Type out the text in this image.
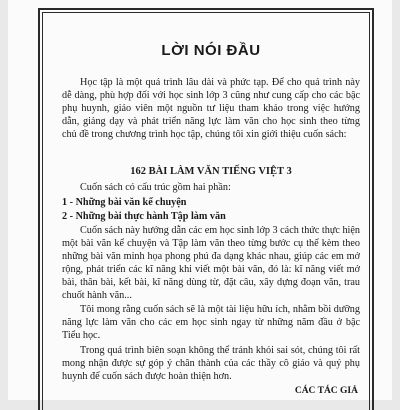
LỜI NÓI ĐẦU

Học tập là một quá trình lâu dài và phức tạp. Để cho quá trình này dễ dàng, phù hợp đối với học sinh lớp 3 cũng như cung cấp cho các bậc phụ huynh, giáo viên một nguồn tư liệu tham khảo trong việc hướng dẫn, giảng dạy và phát triển năng lực làm văn cho học sinh theo từng chủ đề trong chương trình học tập, chúng tôi xin giới thiệu cuốn sách:

162 BÀI LÀM VĂN TIẾNG VIỆT 3

Cuốn sách có cấu trúc gồm hai phần:

1 - Những bài văn kể chuyện
2 - Những bài thực hành Tập làm văn

Cuốn sách này hướng dẫn các em học sinh lớp 3 cách thức thực hiện một bài văn kể chuyện và Tập làm văn theo từng bước cụ thể kèm theo những bài văn minh họa phong phú đa dạng khác nhau, giúp các em mở rộng, phát triển các kĩ năng khi viết một bài văn, đó là: kĩ năng viết mở bài, thân bài, kết bài, kĩ năng dùng từ, đặt câu, xây dựng đoạn văn, trau chuốt hành văn...

Tôi mong rằng cuốn sách sẽ là một tài liệu hữu ích, nhằm bồi dưỡng năng lực làm văn cho các em học sinh ngay từ những năm đầu ở bậc Tiểu học.

Trong quá trình biên soạn không thể tránh khỏi sai sót, chúng tôi rất mong nhận được sự góp ý chân thành của các thầy cô giáo và quý phụ huynh để cuốn sách được hoàn thiện hơn.

CÁC TÁC GIẢ
